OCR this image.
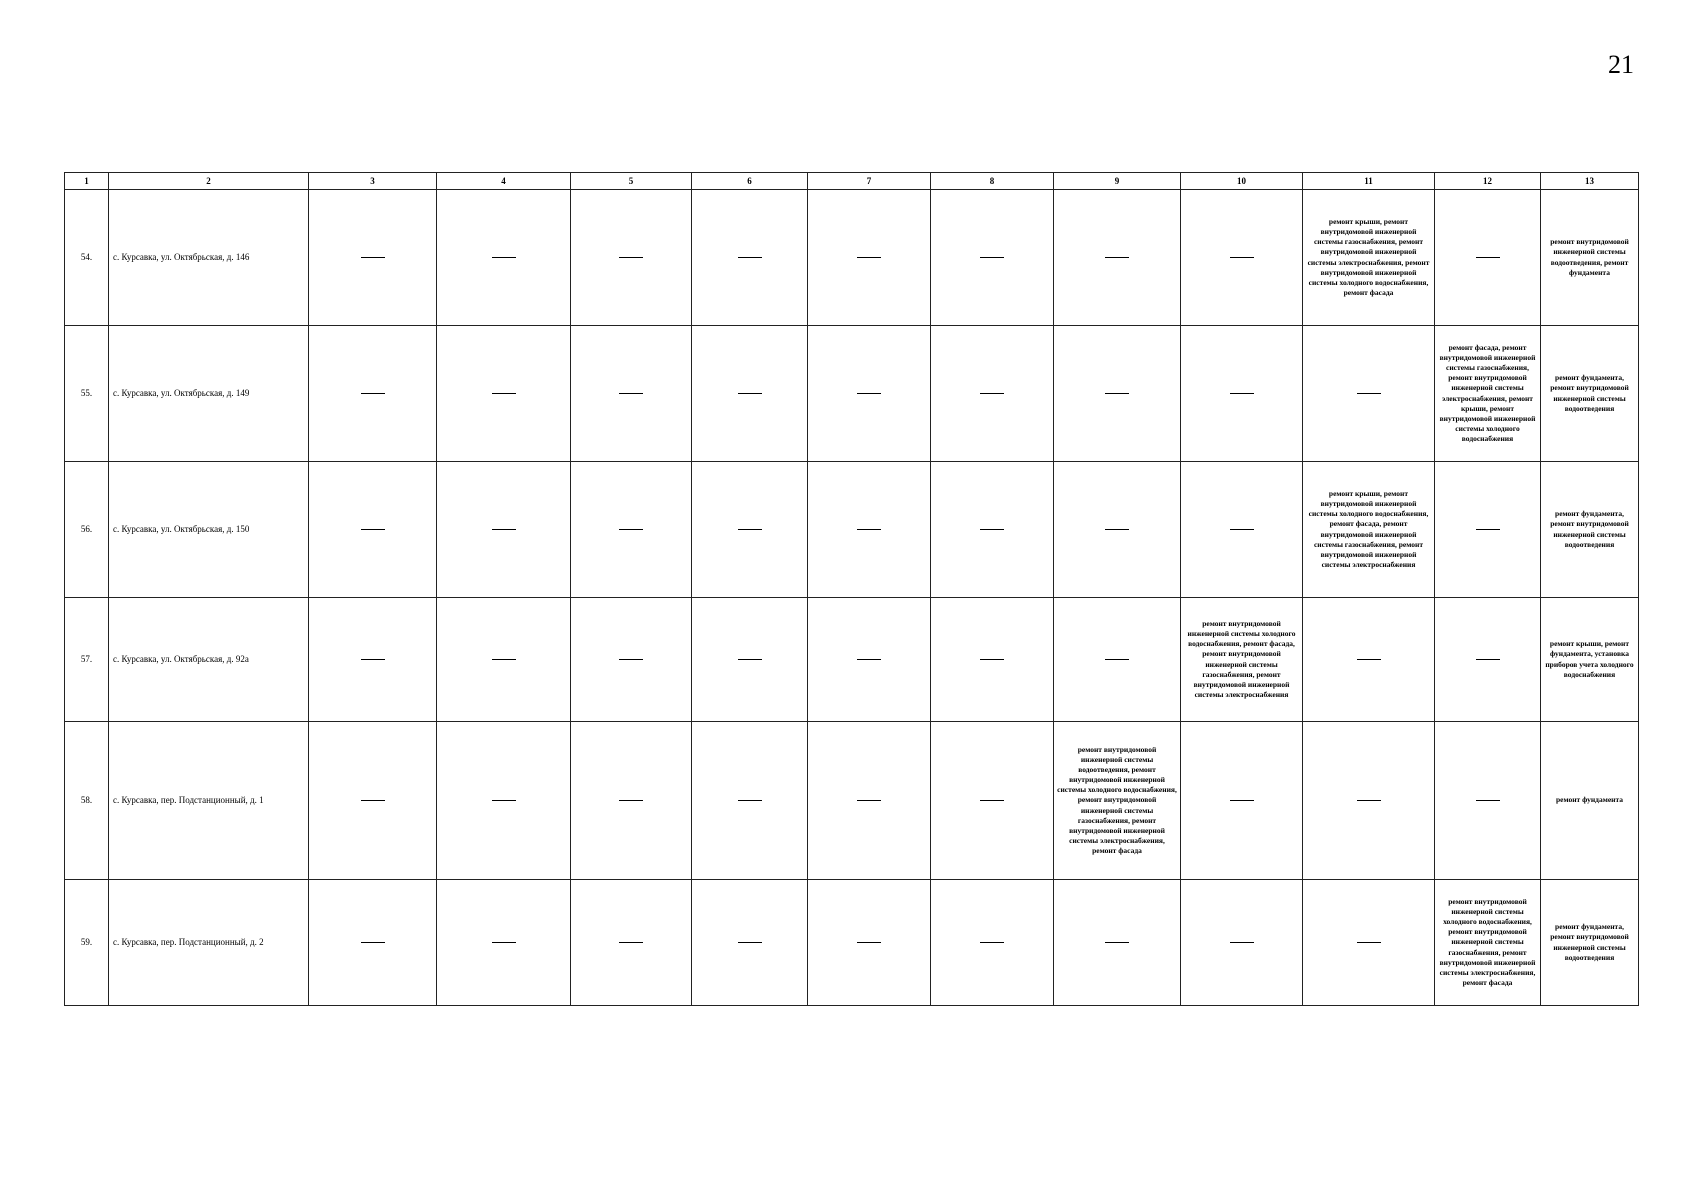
21
1	2	3	4	5	6	7	8	9	10	11	12	13
54.	с. Курсавка, ул. Октябрьская, д. 146									ремонт крыши, ремонт внутридомовой инженерной системы газоснабжения, ремонт внутридомовой инженерной системы электроснабжения, ремонт внутридомовой инженерной системы холодного водоснабжения, ремонт фасада		ремонт внутридомовой инженерной системы водоотведения, ремонт фундамента
55.	с. Курсавка, ул. Октябрьская, д. 149										ремонт фасада, ремонт внутридомовой инженерной системы газоснабжения, ремонт внутридомовой инженерной системы электроснабжения, ремонт крыши, ремонт внутридомовой инженерной системы холодного водоснабжения	ремонт фундамента, ремонт внутридомовой инженерной системы водоотведения
56.	с. Курсавка, ул. Октябрьская, д. 150									ремонт крыши, ремонт внутридомовой инженерной системы холодного водоснабжения, ремонт фасада, ремонт внутридомовой инженерной системы газоснабжения, ремонт внутридомовой инженерной системы электроснабжения		ремонт фундамента, ремонт внутридомовой инженерной системы водоотведения
57.	с. Курсавка, ул. Октябрьская, д. 92а								ремонт внутридомовой инженерной системы холодного водоснабжения, ремонт фасада, ремонт внутридомовой инженерной системы газоснабжения, ремонт внутридомовой инженерной системы электроснабжения			ремонт крыши, ремонт фундамента, установка приборов учета холодного водоснабжения
58.	с. Курсавка, пер. Подстанционный, д. 1							ремонт внутридомовой инженерной системы водоотведения, ремонт внутридомовой инженерной системы холодного водоснабжения, ремонт внутридомовой инженерной системы газоснабжения, ремонт внутридомовой инженерной системы электроснабжения, ремонт фасада				ремонт фундамента
59.	с. Курсавка, пер. Подстанционный, д. 2										ремонт внутридомовой инженерной системы холодного водоснабжения, ремонт внутридомовой инженерной системы газоснабжения, ремонт внутридомовой инженерной системы электроснабжения, ремонт фасада	ремонт фундамента, ремонт внутридомовой инженерной системы водоотведения
